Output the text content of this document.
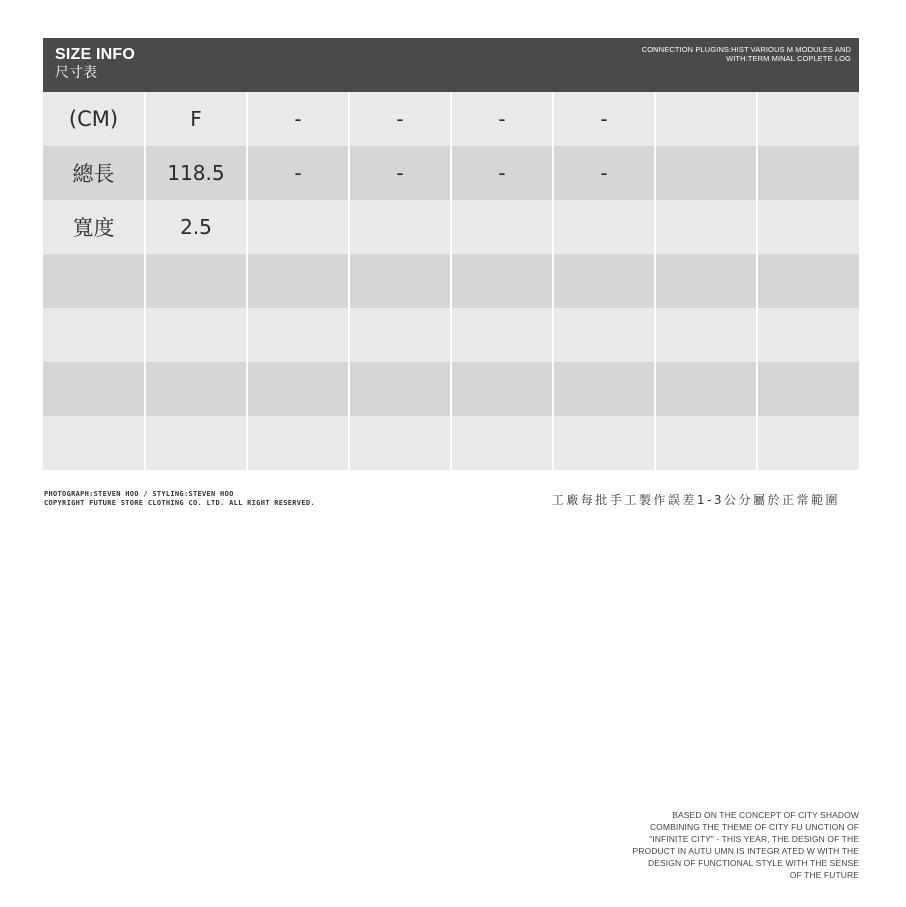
SIZE INFO
尺寸表
CONNECTION PLUGINS:HIST VARIOUS M MODULES AND
WITH:TERM MINAL COPLETE LOG
(CM)	F	-	-	-	-		
總長	118.5	-	-	-	-		
寬度	2.5						

PHOTOGRAPH:STEVEN HOO / STYLING:STEVEN HOO
COPYRIGHT FUTURE STORE CLOTHING CO. LTD. ALL RIGHT RESERVED.	工廠每批手工製作誤差1-3公分屬於正常範圍
BASED ON THE CONCEPT OF CITY SHADOW
COMBINING THE THEME OF CITY FU UNCTION OF
"INFINITE CITY" - THIS YEAR, THE DESIGN OF THE
PRODUCT IN AUTU UMN IS INTEGR ATED W WITH THE
DESIGN OF FUNCTIONAL STYLE WITH THE SENSE
OF THE FUTURE
